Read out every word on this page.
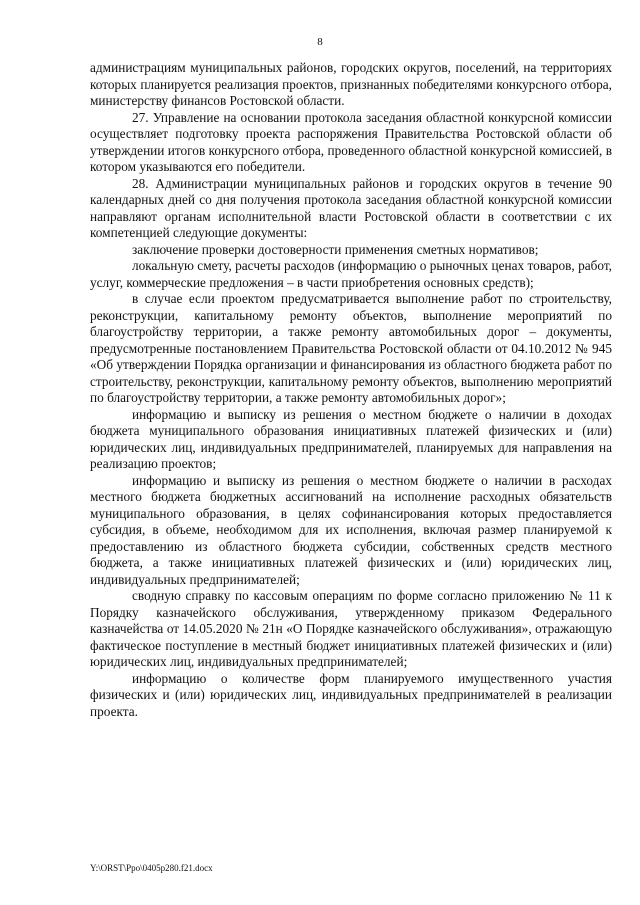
8

администрациям муниципальных районов, городских округов, поселений, на территориях которых планируется реализация проектов, признанных победителями конкурсного отбора, министерству финансов Ростовской области.

27. Управление на основании протокола заседания областной конкурсной комиссии осуществляет подготовку проекта распоряжения Правительства Ростовской области об утверждении итогов конкурсного отбора, проведенного областной конкурсной комиссией, в котором указываются его победители.

28. Администрации муниципальных районов и городских округов в течение 90 календарных дней со дня получения протокола заседания областной конкурсной комиссии направляют органам исполнительной власти Ростовской области в соответствии с их компетенцией следующие документы:

заключение проверки достоверности применения сметных нормативов;

локальную смету, расчеты расходов (информацию о рыночных ценах товаров, работ, услуг, коммерческие предложения – в части приобретения основных средств);

в случае если проектом предусматривается выполнение работ по строительству, реконструкции, капитальному ремонту объектов, выполнение мероприятий по благоустройству территории, а также ремонту автомобильных дорог – документы, предусмотренные постановлением Правительства Ростовской области от 04.10.2012 № 945 «Об утверждении Порядка организации и финансирования из областного бюджета работ по строительству, реконструкции, капитальному ремонту объектов, выполнению мероприятий по благоустройству территории, а также ремонту автомобильных дорог»;

информацию и выписку из решения о местном бюджете о наличии в доходах бюджета муниципального образования инициативных платежей физических и (или) юридических лиц, индивидуальных предпринимателей, планируемых для направления на реализацию проектов;

информацию и выписку из решения о местном бюджете о наличии в расходах местного бюджета бюджетных ассигнований на исполнение расходных обязательств муниципального образования, в целях софинансирования которых предоставляется субсидия, в объеме, необходимом для их исполнения, включая размер планируемой к предоставлению из областного бюджета субсидии, собственных средств местного бюджета, а также инициативных платежей физических и (или) юридических лиц, индивидуальных предпринимателей;

сводную справку по кассовым операциям по форме согласно приложению № 11 к Порядку казначейского обслуживания, утвержденному приказом Федерального казначейства от 14.05.2020 № 21н «О Порядке казначейского обслуживания», отражающую фактическое поступление в местный бюджет инициативных платежей физических и (или) юридических лиц, индивидуальных предпринимателей;

информацию о количестве форм планируемого имущественного участия физических и (или) юридических лиц, индивидуальных предпринимателей в реализации проекта.

Y:\ORST\Ppo\0405p280.f21.docx
